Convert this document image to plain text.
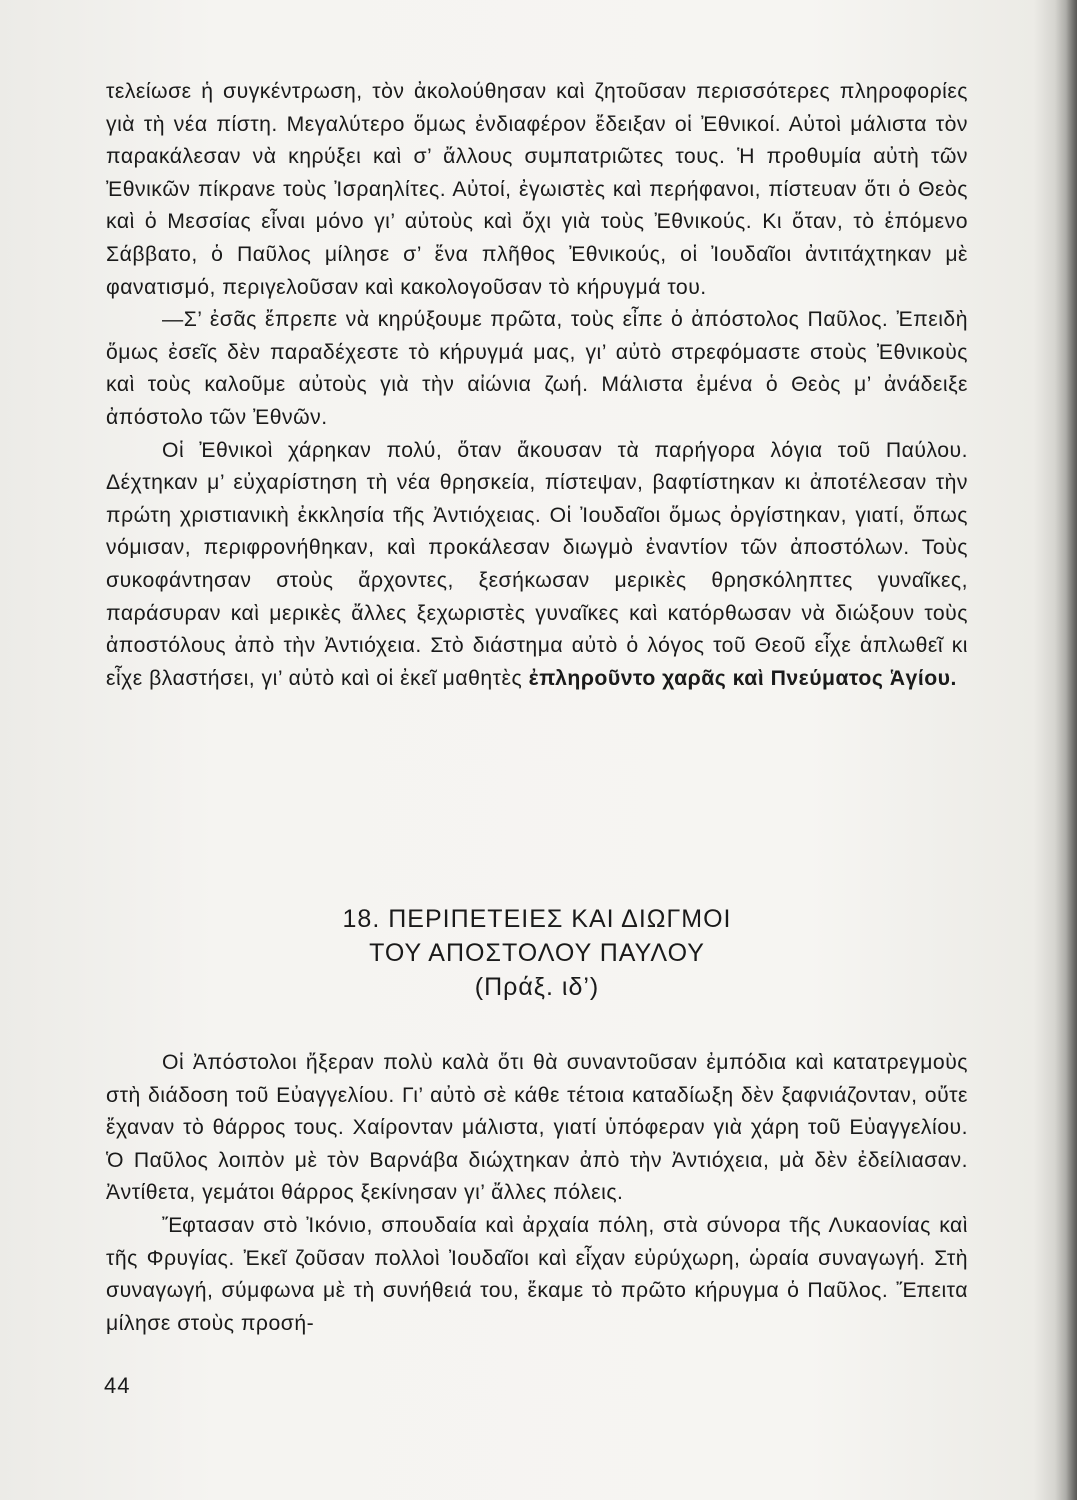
τελείωσε ἡ συγκέντρωση, τὸν ἀκολούθησαν καὶ ζητοῦσαν περισσότερες πληροφορίες γιὰ τὴ νέα πίστη. Μεγαλύτερο ὅμως ἐνδιαφέρον ἔδειξαν οἱ Ἐθνικοί. Αὐτοὶ μάλιστα τὸν παρακάλεσαν νὰ κηρύξει καὶ σ’ ἄλλους συμπατριῶτες τους. Ἡ προθυμία αὐτὴ τῶν Ἐθνικῶν πίκρανε τοὺς Ἰσραηλίτες. Αὐτοί, ἐγωιστὲς καὶ περήφανοι, πίστευαν ὅτι ὁ Θεὸς καὶ ὁ Μεσσίας εἶναι μόνο γι’ αὐτοὺς καὶ ὄχι γιὰ τοὺς Ἐθνικούς. Κι ὅταν, τὸ ἑπόμενο Σάββατο, ὁ Παῦλος μίλησε σ’ ἕνα πλῆθος Ἐθνικούς, οἱ Ἰουδαῖοι ἀντιτάχτηκαν μὲ φανατισμό, περιγελοῦσαν καὶ κακολογοῦσαν τὸ κήρυγμά του.

—Σ’ ἐσᾶς ἔπρεπε νὰ κηρύξουμε πρῶτα, τοὺς εἶπε ὁ ἀπόστολος Παῦλος. Ἐπειδὴ ὅμως ἐσεῖς δὲν παραδέχεστε τὸ κήρυγμά μας, γι’ αὐτὸ στρεφόμαστε στοὺς Ἐθνικοὺς καὶ τοὺς καλοῦμε αὐτοὺς γιὰ τὴν αἰώνια ζωή. Μάλιστα ἐμένα ὁ Θεὸς μ’ ἀνάδειξε ἀπόστολο τῶν Ἐθνῶν.

Οἱ Ἐθνικοὶ χάρηκαν πολύ, ὅταν ἄκουσαν τὰ παρήγορα λόγια τοῦ Παύλου. Δέχτηκαν μ’ εὐχαρίστηση τὴ νέα θρησκεία, πίστεψαν, βαφτίστηκαν κι ἀποτέλεσαν τὴν πρώτη χριστιανικὴ ἐκκλησία τῆς Ἀντιόχειας. Οἱ Ἰουδαῖοι ὅμως ὀργίστηκαν, γιατί, ὅπως νόμισαν, περιφρονήθηκαν, καὶ προκάλεσαν διωγμὸ ἐναντίον τῶν ἀποστόλων. Τοὺς συκοφάντησαν στοὺς ἄρχοντες, ξεσήκωσαν μερικὲς θρησκόληπτες γυναῖκες, παράσυραν καὶ μερικὲς ἄλλες ξεχωριστὲς γυναῖκες καὶ κατόρθωσαν νὰ διώξουν τοὺς ἀποστόλους ἀπὸ τὴν Ἀντιόχεια. Στὸ διάστημα αὐτὸ ὁ λόγος τοῦ Θεοῦ εἶχε ἁπλωθεῖ κι εἶχε βλαστήσει, γι’ αὐτὸ καὶ οἱ ἐκεῖ μαθητὲς ἐπληροῦντο χαρᾶς καὶ Πνεύματος Ἁγίου.

18. ΠΕΡΙΠΕΤΕΙΕΣ ΚΑΙ ΔΙΩΓΜΟΙ
ΤΟΥ ΑΠΟΣΤΟΛΟΥ ΠΑΥΛΟΥ
(Πράξ. ιδ’)

Οἱ Ἀπόστολοι ἤξεραν πολὺ καλὰ ὅτι θὰ συναντοῦσαν ἐμπόδια καὶ κατατρεγμοὺς στὴ διάδοση τοῦ Εὐαγγελίου. Γι’ αὐτὸ σὲ κάθε τέτοια καταδίωξη δὲν ξαφνιάζονταν, οὔτε ἔχαναν τὸ θάρρος τους. Χαίρονταν μάλιστα, γιατί ὑπόφεραν γιὰ χάρη τοῦ Εὐαγγελίου. Ὁ Παῦλος λοιπὸν μὲ τὸν Βαρνάβα διώχτηκαν ἀπὸ τὴν Ἀντιόχεια, μὰ δὲν ἐδείλιασαν. Ἀντίθετα, γεμάτοι θάρρος ξεκίνησαν γι’ ἄλλες πόλεις.

Ἔφτασαν στὸ Ἰκόνιο, σπουδαία καὶ ἀρχαία πόλη, στὰ σύνορα τῆς Λυκαονίας καὶ τῆς Φρυγίας. Ἐκεῖ ζοῦσαν πολλοὶ Ἰουδαῖοι καὶ εἶχαν εὐρύχωρη, ὡραία συναγωγή. Στὴ συναγωγή, σύμφωνα μὲ τὴ συνήθειά του, ἔκαμε τὸ πρῶτο κήρυγμα ὁ Παῦλος. Ἔπειτα μίλησε στοὺς προσή-

44
